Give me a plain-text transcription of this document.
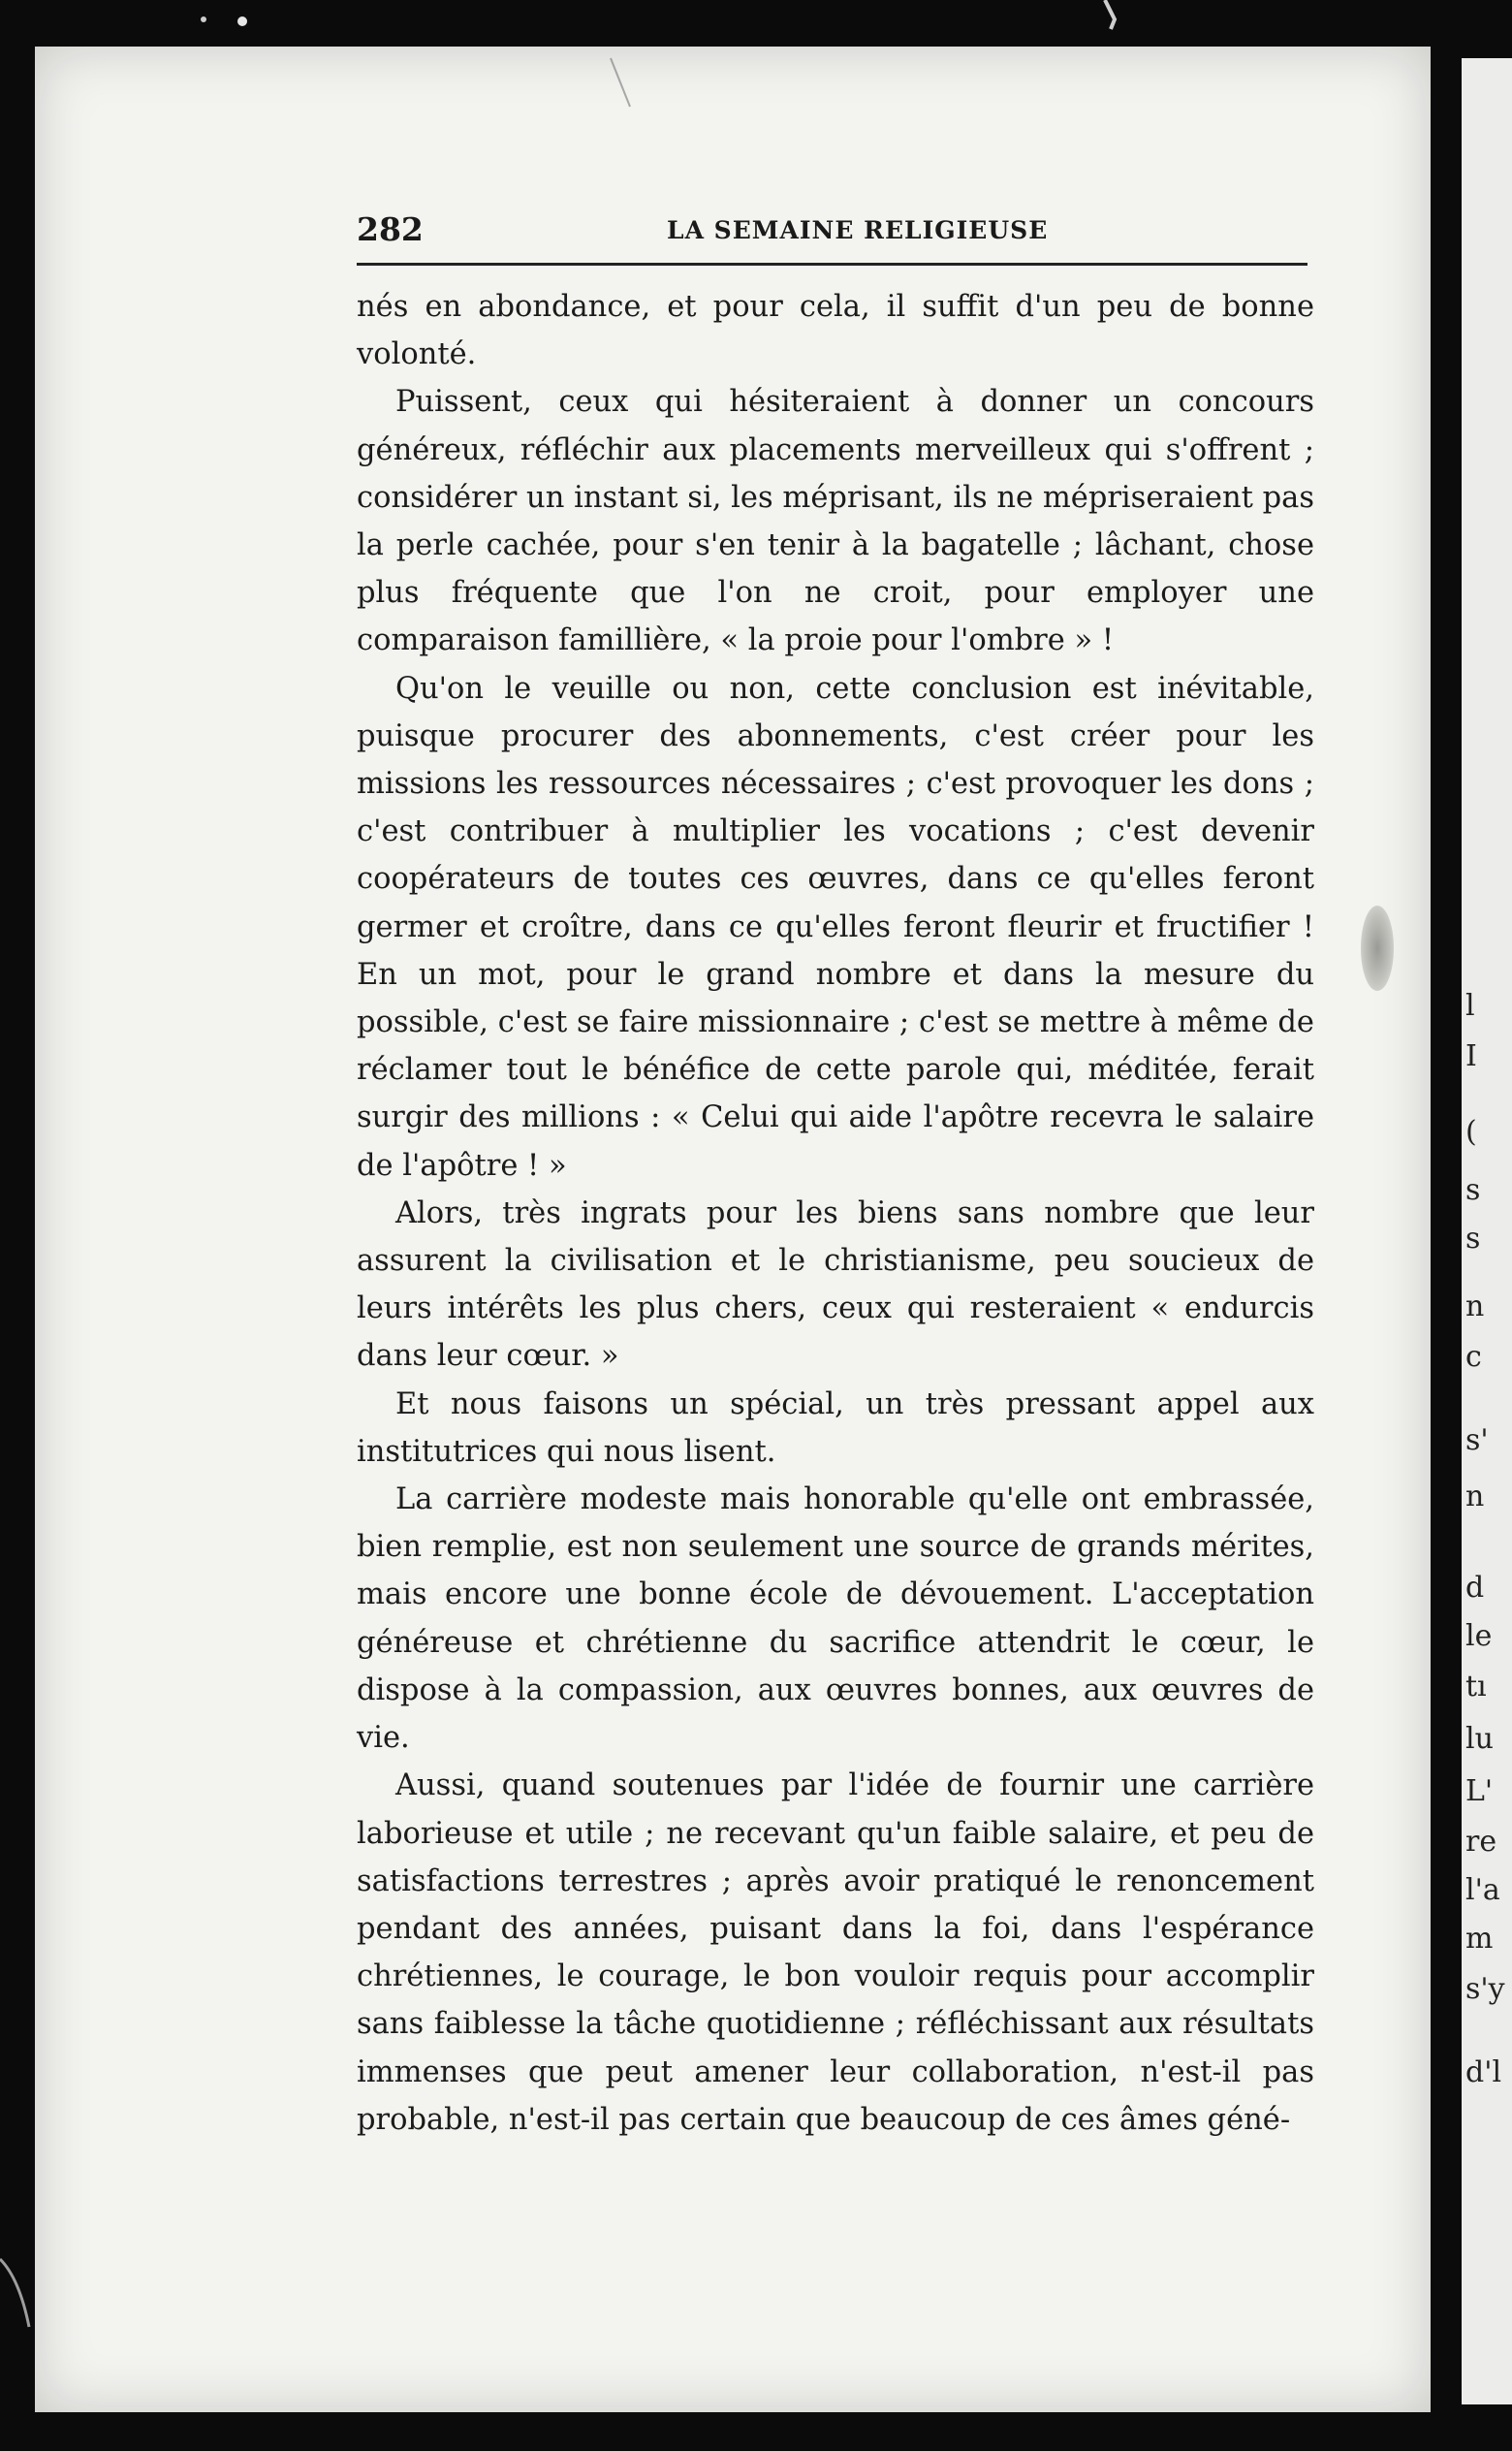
l
I
(
s
s
n
c
s'
n
d
le
tı
lu
L'
re
l'a
m
s'y
d'l
282	LA SEMAINE RELIGIEUSE

nés en abondance, et pour cela, il suffit d'un peu de bonne volonté.

Puissent, ceux qui hésiteraient à donner un concours généreux, réfléchir aux placements merveilleux qui s'offrent ; considérer un instant si, les méprisant, ils ne mépriseraient pas la perle cachée, pour s'en tenir à la bagatelle ; lâchant, chose plus fréquente que l'on ne croit, pour employer une comparaison famillière, « la proie pour l'ombre » !

Qu'on le veuille ou non, cette conclusion est inévitable, puisque procurer des abonnements, c'est créer pour les missions les ressources nécessaires ; c'est provoquer les dons ; c'est contribuer à multiplier les vocations ; c'est devenir coopérateurs de toutes ces œuvres, dans ce qu'elles feront germer et croître, dans ce qu'elles feront fleurir et fructifier ! En un mot, pour le grand nombre et dans la mesure du possible, c'est se faire missionnaire ; c'est se mettre à même de réclamer tout le bénéfice de cette parole qui, méditée, ferait surgir des millions : « Celui qui aide l'apôtre recevra le salaire de l'apôtre ! »

Alors, très ingrats pour les biens sans nombre que leur assurent la civilisation et le christianisme, peu soucieux de leurs intérêts les plus chers, ceux qui resteraient « endurcis dans leur cœur. »

Et nous faisons un spécial, un très pressant appel aux institutrices qui nous lisent.

La carrière modeste mais honorable qu'elle ont embrassée, bien remplie, est non seulement une source de grands mérites, mais encore une bonne école de dévouement. L'acceptation généreuse et chrétienne du sacrifice attendrit le cœur, le dispose à la compassion, aux œuvres bonnes, aux œuvres de vie.

Aussi, quand soutenues par l'idée de fournir une carrière laborieuse et utile ; ne recevant qu'un faible salaire, et peu de satisfactions terrestres ; après avoir pratiqué le renoncement pendant des années, puisant dans la foi, dans l'espérance chrétiennes, le courage, le bon vouloir requis pour accomplir sans faiblesse la tâche quotidienne ; réfléchissant aux résultats immenses que peut amener leur collaboration, n'est-il pas probable, n'est-il pas certain que beaucoup de ces âmes géné-
